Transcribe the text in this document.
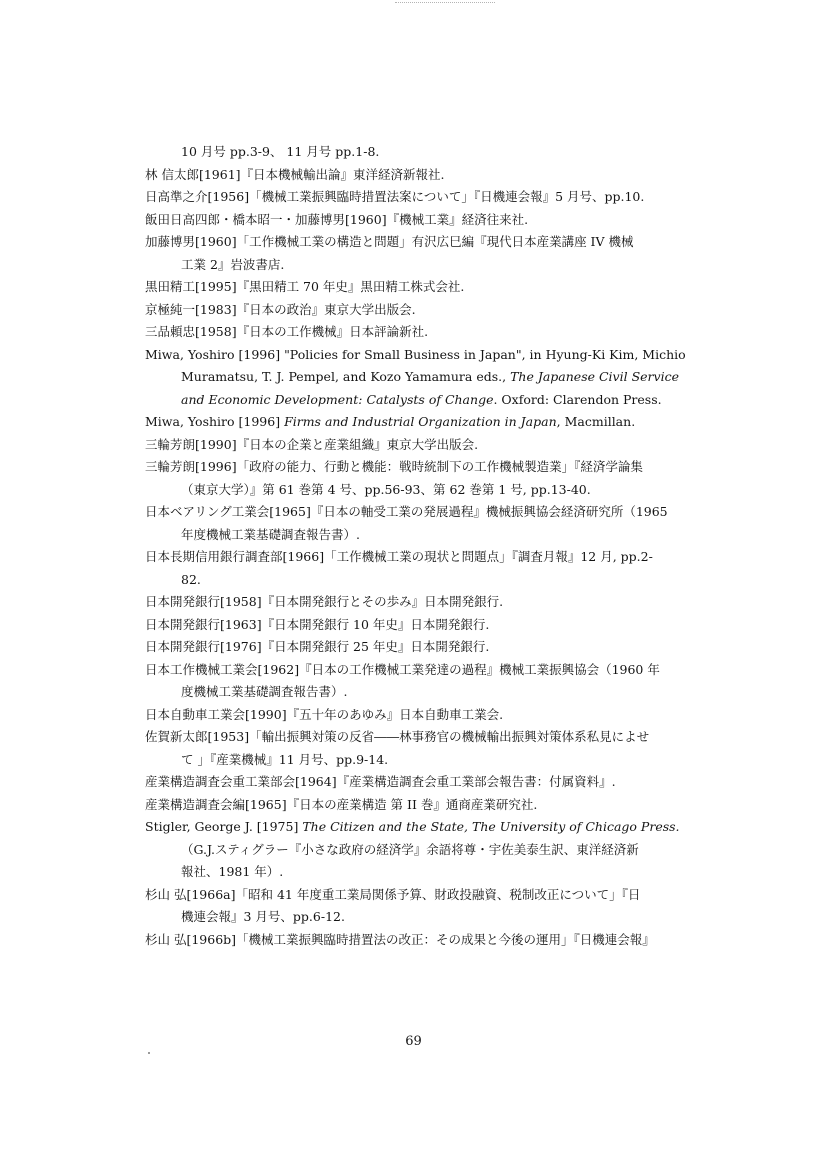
10 月号 pp.3-9、 11 月号 pp.1-8.
林 信太郎[1961]『日本機械輸出論』東洋経済新報社.
日高準之介[1956]「機械工業振興臨時措置法案について」『日機連会報』5 月号、pp.10.
飯田日高四郎・橋本昭一・加藤博男[1960]『機械工業』経済往来社.
加藤博男[1960]「工作機械工業の構造と問題」有沢広巳編『現代日本産業講座 IV 機械
工業 2』岩波書店.
黒田精工[1995]『黒田精工 70 年史』黒田精工株式会社.
京極純一[1983]『日本の政治』東京大学出版会.
三品頼忠[1958]『日本の工作機械』日本評論新社.
Miwa, Yoshiro [1996] "Policies for Small Business in Japan", in Hyung-Ki Kim, Michio
Muramatsu, T. J. Pempel, and Kozo Yamamura eds., The Japanese Civil Service
and Economic Development: Catalysts of Change. Oxford: Clarendon Press.
Miwa, Yoshiro [1996] Firms and Industrial Organization in Japan, Macmillan.
三輪芳朗[1990]『日本の企業と産業組織』東京大学出版会.
三輪芳朗[1996]「政府の能力、行動と機能：戦時統制下の工作機械製造業」『経済学論集
（東京大学）』第 61 巻第 4 号、pp.56-93、第 62 巻第 1 号, pp.13-40.
日本ベアリング工業会[1965]『日本の軸受工業の発展過程』機械振興協会経済研究所（1965
年度機械工業基礎調査報告書）.
日本長期信用銀行調査部[1966]「工作機械工業の現状と問題点」『調査月報』12 月, pp.2-
82.
日本開発銀行[1958]『日本開発銀行とその歩み』日本開発銀行.
日本開発銀行[1963]『日本開発銀行 10 年史』日本開発銀行.
日本開発銀行[1976]『日本開発銀行 25 年史』日本開発銀行.
日本工作機械工業会[1962]『日本の工作機械工業発達の過程』機械工業振興協会（1960 年
度機械工業基礎調査報告書）.
日本自動車工業会[1990]『五十年のあゆみ』日本自動車工業会.
佐賀新太郎[1953]「輸出振興対策の反省――林事務官の機械輸出振興対策体系私見によせ
て 」『産業機械』11 月号、pp.9‐14.
産業構造調査会重工業部会[1964]『産業構造調査会重工業部会報告書：付属資料』.
産業構造調査会編[1965]『日本の産業構造 第 II 巻』通商産業研究社.
Stigler, George J. [1975] The Citizen and the State, The University of Chicago Press.
（G.J.スティグラー『小さな政府の経済学』余語将尊・宇佐美泰生訳、東洋経済新
報社、1981 年）.
杉山 弘[1966a]「昭和 41 年度重工業局関係予算、財政投融資、税制改正について」『日
機連会報』3 月号、pp.6-12.
杉山 弘[1966b]「機械工業振興臨時措置法の改正：その成果と今後の運用」『日機連会報』
69
